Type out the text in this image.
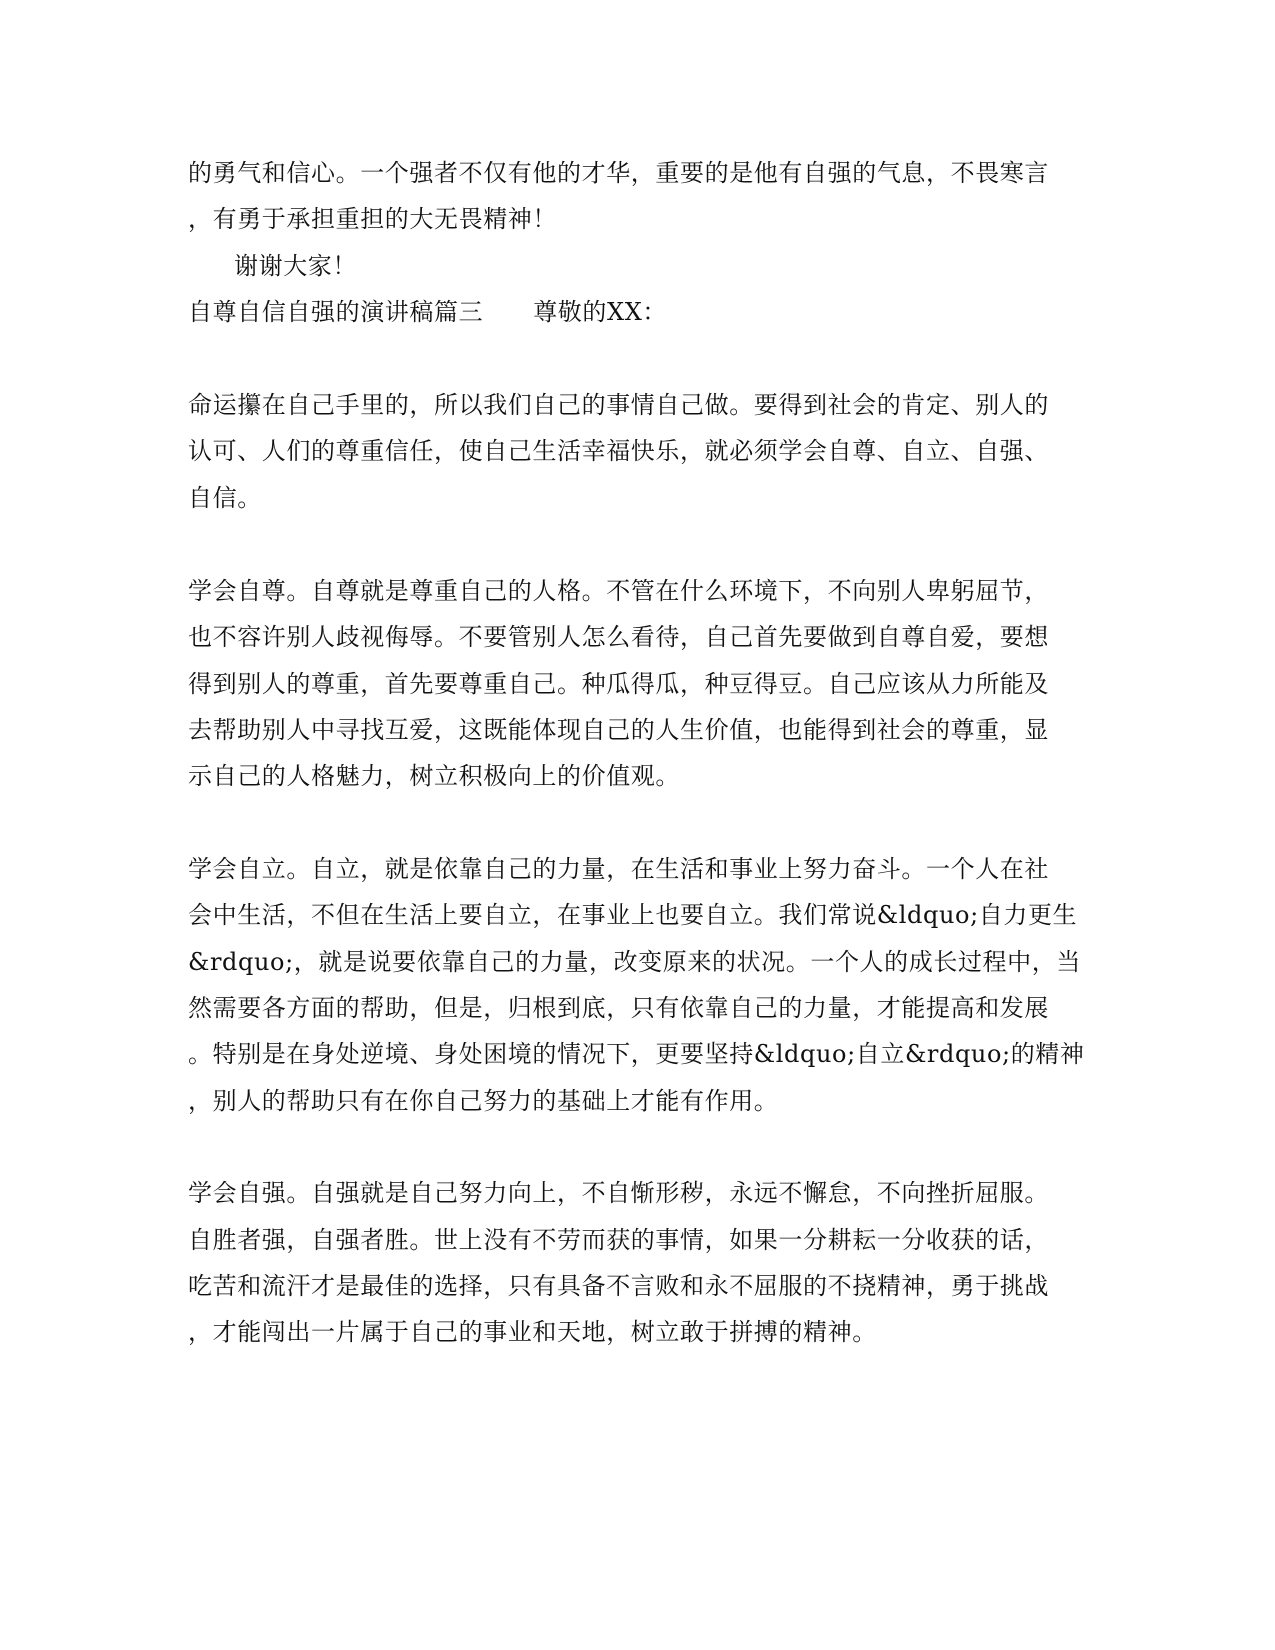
的勇气和信心。一个强者不仅有他的才华，重要的是他有自强的气息，不畏寒言
，有勇于承担重担的大无畏精神！
谢谢大家！
自尊自信自强的演讲稿篇三 尊敬的XX：
命运攥在自己手里的，所以我们自己的事情自己做。要得到社会的肯定、别人的
认可、人们的尊重信任，使自己生活幸福快乐，就必须学会自尊、自立、自强、
自信。
学会自尊。自尊就是尊重自己的人格。不管在什么环境下，不向别人卑躬屈节，
也不容许别人歧视侮辱。不要管别人怎么看待，自己首先要做到自尊自爱，要想
得到别人的尊重，首先要尊重自己。种瓜得瓜，种豆得豆。自己应该从力所能及
去帮助别人中寻找互爱，这既能体现自己的人生价值，也能得到社会的尊重，显
示自己的人格魅力，树立积极向上的价值观。
学会自立。自立，就是依靠自己的力量，在生活和事业上努力奋斗。一个人在社
会中生活，不但在生活上要自立，在事业上也要自立。我们常说&ldquo;自力更生
&rdquo;，就是说要依靠自己的力量，改变原来的状况。一个人的成长过程中，当
然需要各方面的帮助，但是，归根到底，只有依靠自己的力量，才能提高和发展
。特别是在身处逆境、身处困境的情况下，更要坚持&ldquo;自立&rdquo;的精神
，别人的帮助只有在你自己努力的基础上才能有作用。
学会自强。自强就是自己努力向上，不自惭形秽，永远不懈怠，不向挫折屈服。
自胜者强，自强者胜。世上没有不劳而获的事情，如果一分耕耘一分收获的话，
吃苦和流汗才是最佳的选择，只有具备不言败和永不屈服的不挠精神，勇于挑战
，才能闯出一片属于自己的事业和天地，树立敢于拼搏的精神。
